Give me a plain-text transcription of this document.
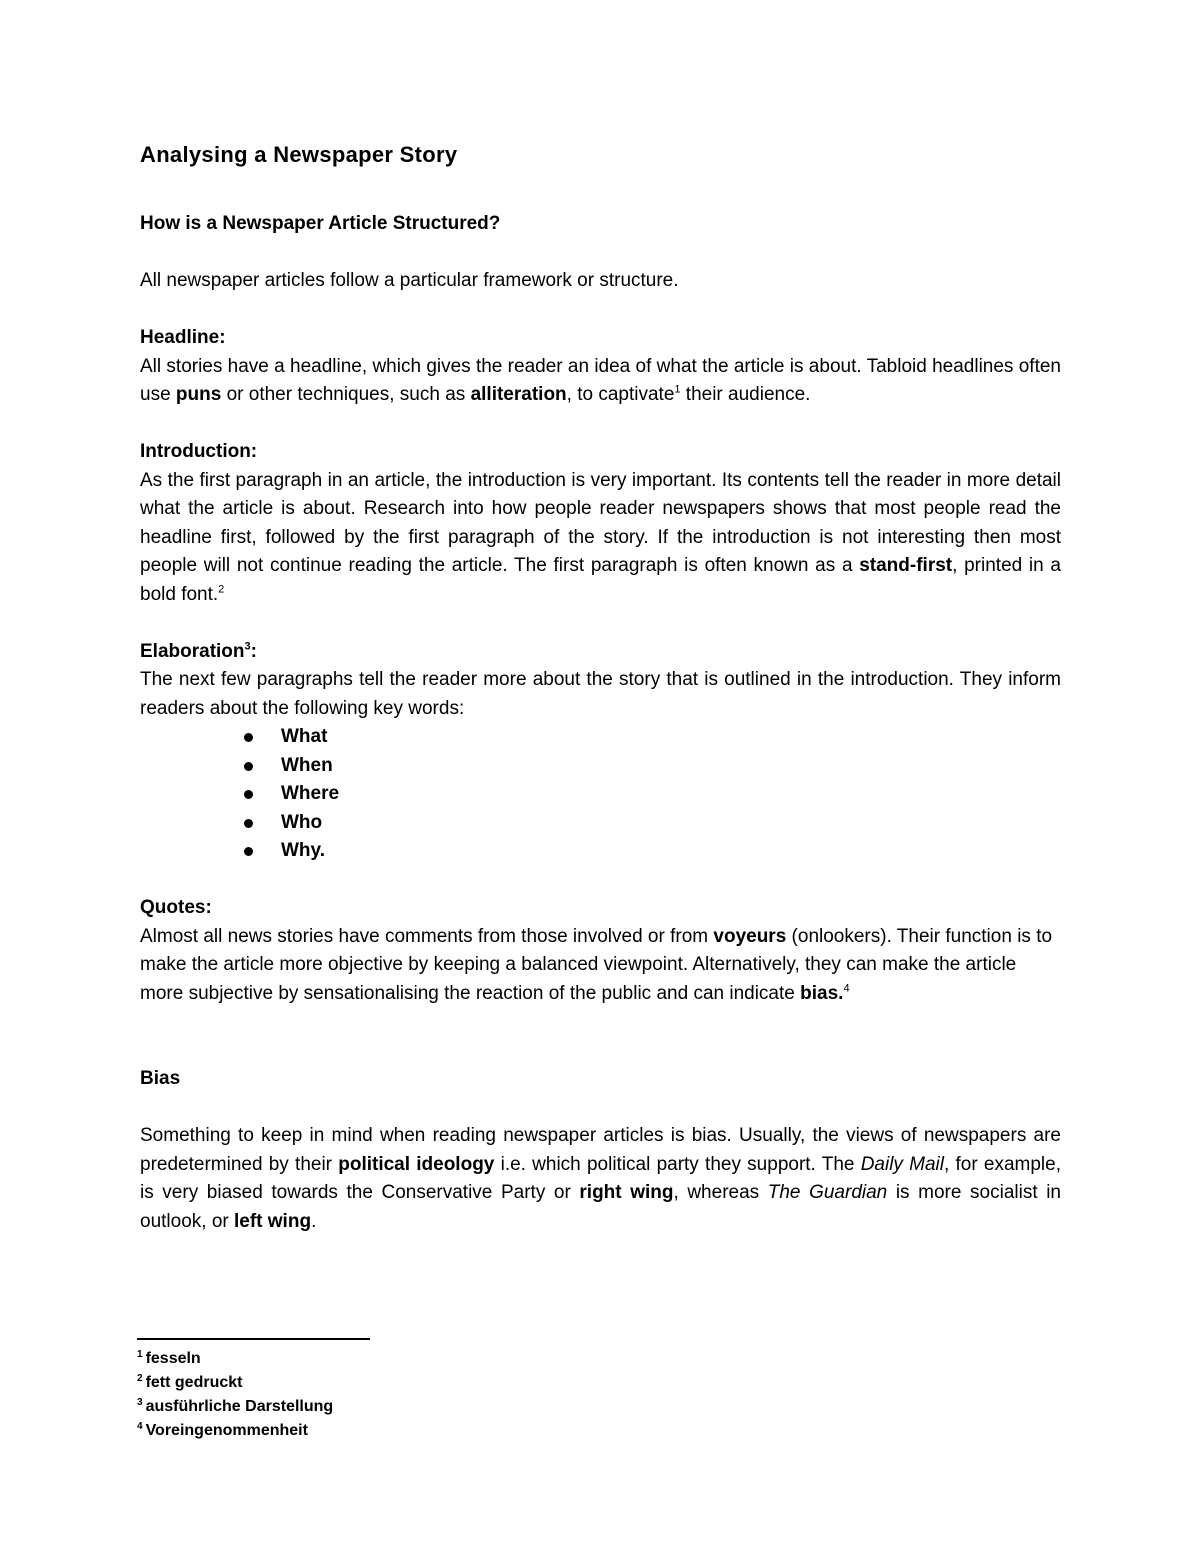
Analysing a Newspaper Story

How is a Newspaper Article Structured?

All newspaper articles follow a particular framework or structure.

Headline:

All stories have a headline, which gives the reader an idea of what the article is about. Tabloid headlines often use puns or other techniques, such as alliteration, to captivate$^1$ their audience.

Introduction:

As the first paragraph in an article, the introduction is very important. Its contents tell the reader in more detail what the article is about. Research into how people reader newspapers shows that most people read the headline first, followed by the first paragraph of the story. If the introduction is not interesting then most people will not continue reading the article. The first paragraph is often known as a stand-first, printed in a bold font.$^2$

Elaboration$^3$:

The next few paragraphs tell the reader more about the story that is outlined in the introduction. They inform readers about the following key words:

What
When
Where
Who
Why.

Quotes:

Almost all news stories have comments from those involved or from voyeurs (onlookers). Their function is to make the article more objective by keeping a balanced viewpoint. Alternatively, they can make the article more subjective by sensationalising the reaction of the public and can indicate bias.$^4$

Bias

Something to keep in mind when reading newspaper articles is bias. Usually, the views of newspapers are predetermined by their political ideology i.e. which political party they support. The Daily Mail, for example, is very biased towards the Conservative Party or right wing, whereas The Guardian is more socialist in outlook, or left wing.

$^1$ fesseln
$^2$ fett gedruckt
$^3$ ausführliche Darstellung
$^4$ Voreingenommenheit
